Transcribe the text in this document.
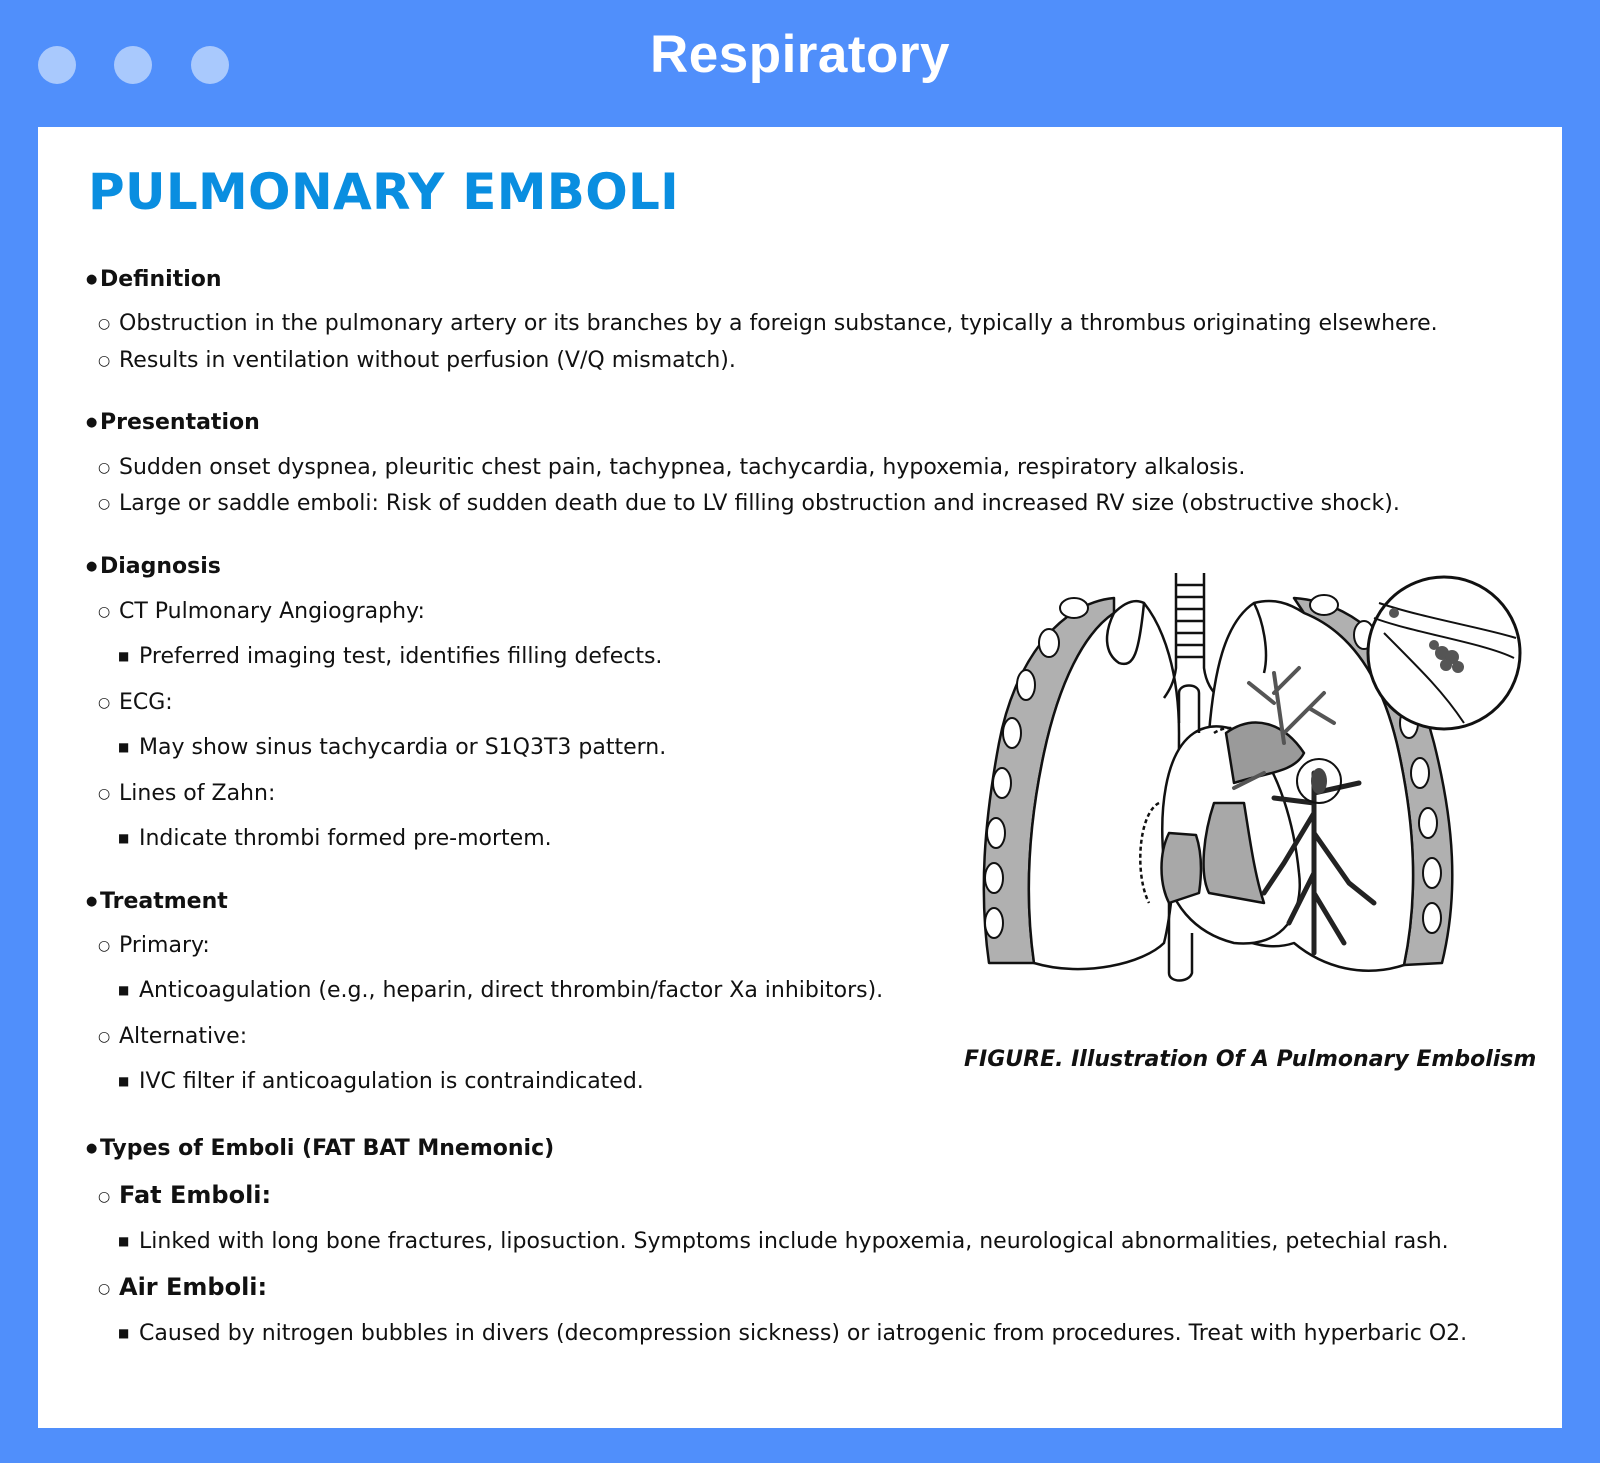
Respiratory
PULMONARY EMBOLI
● Definition
○ Obstruction in the pulmonary artery or its branches by a foreign substance, typically a thrombus originating elsewhere.
○ Results in ventilation without perfusion (V/Q mismatch).
● Presentation
○ Sudden onset dyspnea, pleuritic chest pain, tachypnea, tachycardia, hypoxemia, respiratory alkalosis.
○ Large or saddle emboli: Risk of sudden death due to LV filling obstruction and increased RV size (obstructive shock).
● Diagnosis
○ CT Pulmonary Angiography:
■ Preferred imaging test, identifies filling defects.
○ ECG:
■ May show sinus tachycardia or S1Q3T3 pattern.
○ Lines of Zahn:
■ Indicate thrombi formed pre-mortem.
● Treatment
○ Primary:
■ Anticoagulation (e.g., heparin, direct thrombin/factor Xa inhibitors).
○ Alternative:
■ IVC filter if anticoagulation is contraindicated.
● Types of Emboli (FAT BAT Mnemonic)
○ Fat Emboli:
■ Linked with long bone fractures, liposuction. Symptoms include hypoxemia, neurological abnormalities, petechial rash.
○ Air Emboli:
■ Caused by nitrogen bubbles in divers (decompression sickness) or iatrogenic from procedures. Treat with hyperbaric O2.
FIGURE. Illustration Of A Pulmonary Embolism
